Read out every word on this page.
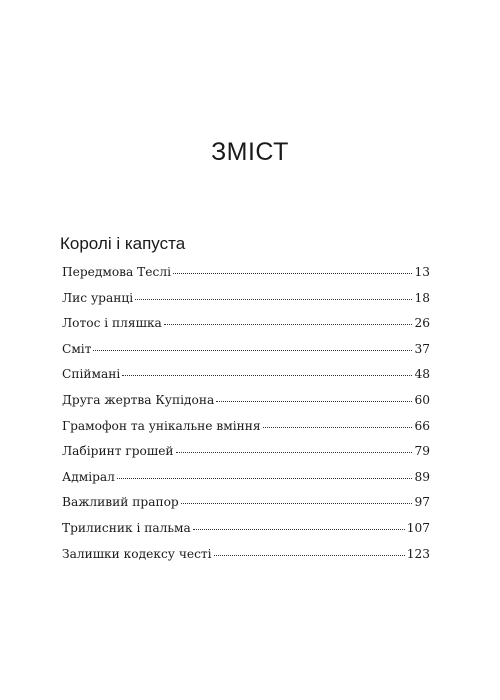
ЗМІСТ
Королі і капуста
Передмова Теслі	13
Лис уранці	18
Лотос і пляшка	26
Сміт	37
Спіймані	48
Друга жертва Купідона	60
Грамофон та унікальне вміння	66
Лабіринт грошей	79
Адмірал	89
Важливий прапор	97
Трилисник і пальма	107
Залишки кодексу честі	123
